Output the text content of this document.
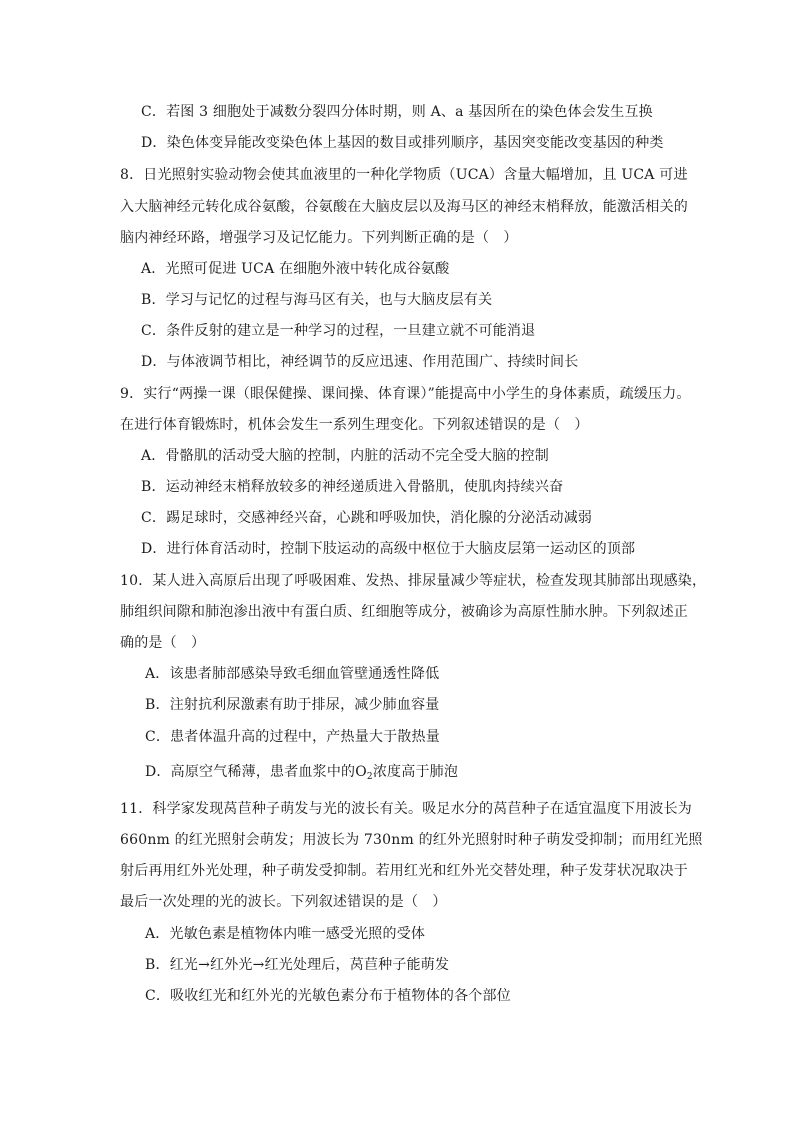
C．若图 3 细胞处于减数分裂四分体时期，则 A、a 基因所在的染色体会发生互换
D．染色体变异能改变染色体上基因的数目或排列顺序，基因突变能改变基因的种类
8．日光照射实验动物会使其血液里的一种化学物质（UCA）含量大幅增加，且 UCA 可进
入大脑神经元转化成谷氨酸，谷氨酸在大脑皮层以及海马区的神经末梢释放，能激活相关的
脑内神经环路，增强学习及记忆能力。下列判断正确的是（　）
A．光照可促进 UCA 在细胞外液中转化成谷氨酸
B．学习与记忆的过程与海马区有关，也与大脑皮层有关
C．条件反射的建立是一种学习的过程，一旦建立就不可能消退
D．与体液调节相比，神经调节的反应迅速、作用范围广、持续时间长
9．实行“两操一课（眼保健操、课间操、体育课）”能提高中小学生的身体素质，疏缓压力。
在进行体育锻炼时，机体会发生一系列生理变化。下列叙述错误的是（　）
A．骨骼肌的活动受大脑的控制，内脏的活动不完全受大脑的控制
B．运动神经末梢释放较多的神经递质进入骨骼肌，使肌肉持续兴奋
C．踢足球时，交感神经兴奋，心跳和呼吸加快，消化腺的分泌活动减弱
D．进行体育活动时，控制下肢运动的高级中枢位于大脑皮层第一运动区的顶部
10．某人进入高原后出现了呼吸困难、发热、排尿量减少等症状，检查发现其肺部出现感染，
肺组织间隙和肺泡渗出液中有蛋白质、红细胞等成分，被确诊为高原性肺水肿。下列叙述正
确的是（　）
A．该患者肺部感染导致毛细血管壁通透性降低
B．注射抗利尿激素有助于排尿，减少肺血容量
C．患者体温升高的过程中，产热量大于散热量
D．高原空气稀薄，患者血浆中的$O_2$浓度高于肺泡
11．科学家发现莴苣种子萌发与光的波长有关。吸足水分的莴苣种子在适宜温度下用波长为
660nm 的红光照射会萌发；用波长为 730nm 的红外光照射时种子萌发受抑制；而用红光照
射后再用红外光处理，种子萌发受抑制。若用红光和红外光交替处理，种子发芽状况取决于
最后一次处理的光的波长。下列叙述错误的是（　）
A．光敏色素是植物体内唯一感受光照的受体
B．红光→红外光→红光处理后，莴苣种子能萌发
C．吸收红光和红外光的光敏色素分布于植物体的各个部位
